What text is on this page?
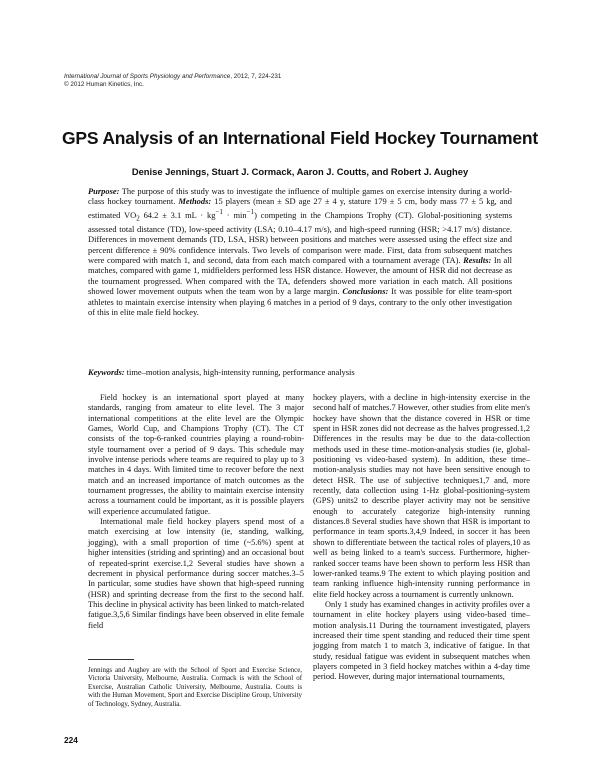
International Journal of Sports Physiology and Performance, 2012, 7, 224-231
© 2012 Human Kinetics, Inc.
GPS Analysis of an International Field Hockey Tournament
Denise Jennings, Stuart J. Cormack, Aaron J. Coutts, and Robert J. Aughey
Purpose: The purpose of this study was to investigate the influence of multiple games on exercise intensity during a world-class hockey tournament. Methods: 15 players (mean ± SD age 27 ± 4 y, stature 179 ± 5 cm, body mass 77 ± 5 kg, and estimated $VO_2$ 64.2 ± 3.1 mL · $kg^{-1} \cdot \min^{-1}$) competing in the Champions Trophy (CT). Global-positioning systems assessed total distance (TD), low-speed activity (LSA; 0.10–4.17 m/s), and high-speed running (HSR; >4.17 m/s) distance. Differences in movement demands (TD, LSA, HSR) between positions and matches were assessed using the effect size and percent difference ± 90% confidence intervals. Two levels of comparison were made. First, data from subsequent matches were compared with match 1, and second, data from each match compared with a tournament average (TA). Results: In all matches, compared with game 1, midfielders performed less HSR distance. However, the amount of HSR did not decrease as the tournament progressed. When compared with the TA, defenders showed more variation in each match. All positions showed lower movement outputs when the team won by a large margin. Conclusions: It was possible for elite team-sport athletes to maintain exercise intensity when playing 6 matches in a period of 9 days, contrary to the only other investigation of this in elite male field hockey.
Keywords: time–motion analysis, high-intensity running, performance analysis

Field hockey is an international sport played at many standards, ranging from amateur to elite level. The 3 major international competitions at the elite level are the Olympic Games, World Cup, and Champions Trophy (CT). The CT consists of the top-6-ranked countries playing a round-robin-style tournament over a period of 9 days. This schedule may involve intense periods where teams are required to play up to 3 matches in 4 days. With limited time to recover before the next match and an increased importance of match outcomes as the tournament progresses, the ability to maintain exercise intensity across a tournament could be important, as it is possible players will experience accumulated fatigue.

International male field hockey players spend most of a match exercising at low intensity (ie, standing, walking, jogging), with a small proportion of time (~5.6%) spent at higher intensities (striding and sprinting) and an occasional bout of repeated-sprint exercise.1,2 Several studies have shown a decrement in physical performance during soccer matches.3–5 In particular, some studies have shown that high-speed running (HSR) and sprinting decrease from the first to the second half. This decline in physical activity has been linked to match-related fatigue.3,5,6 Similar findings have been observed in elite female field

hockey players, with a decline in high-intensity exercise in the second half of matches.7 However, other studies from elite men's hockey have shown that the distance covered in HSR or time spent in HSR zones did not decrease as the halves progressed.1,2 Differences in the results may be due to the data-collection methods used in these time–motion-analysis studies (ie, global-positioning vs video-based system). In addition, these time–motion-analysis studies may not have been sensitive enough to detect HSR. The use of subjective techniques1,7 and, more recently, data collection using 1-Hz global-positioning-system (GPS) units2 to describe player activity may not be sensitive enough to accurately categorize high-intensity running distances.8 Several studies have shown that HSR is important to performance in team sports.3,4,9 Indeed, in soccer it has been shown to differentiate between the tactical roles of players,10 as well as being linked to a team's success. Furthermore, higher-ranked soccer teams have been shown to perform less HSR than lower-ranked teams.9 The extent to which playing position and team ranking influence high-intensity running performance in elite field hockey across a tournament is currently unknown.

Only 1 study has examined changes in activity profiles over a tournament in elite hockey players using video-based time–motion analysis.11 During the tournament investigated, players increased their time spent standing and reduced their time spent jogging from match 1 to match 3, indicative of fatigue. In that study, residual fatigue was evident in subsequent matches when players competed in 3 field hockey matches within a 4-day time period. However, during major international tournaments,

Jennings and Aughey are with the School of Sport and Exercise Science, Victoria University, Melbourne, Australia. Cormack is with the School of Exercise, Australian Catholic University, Melbourne, Australia. Coutts is with the Human Movement, Sport and Exercise Discipline Group, University of Technology, Sydney, Australia.
224
